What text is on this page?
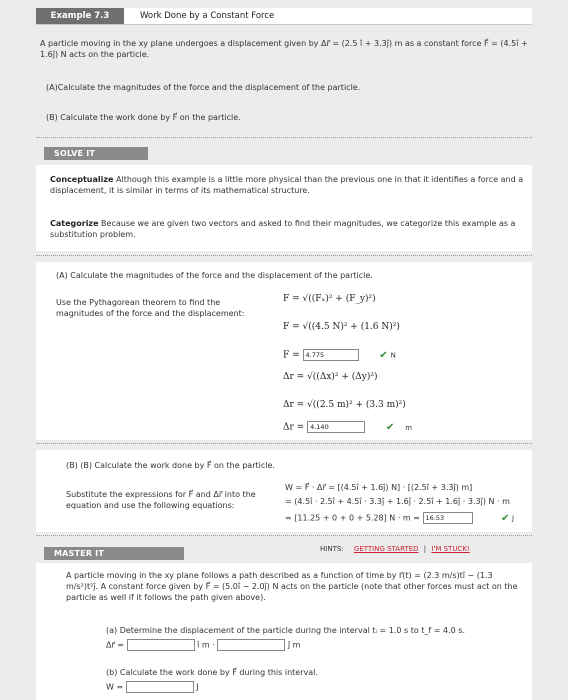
Example 7.3	Work Done by a Constant Force
A particle moving in the xy plane undergoes a displacement given by Δr⃗ = (2.5 î + 3.3ĵ) m as a constant force F⃗ = (4.5î + 1.6ĵ) N acts on the particle.
(A)Calculate the magnitudes of the force and the displacement of the particle.
(B) Calculate the work done by F⃗ on the particle.
SOLVE IT
Conceptualize Although this example is a little more physical than the previous one in that it identifies a force and a displacement, it is similar in terms of its mathematical structure.
Categorize Because we are given two vectors and asked to find their magnitudes, we categorize this example as a substitution problem.
(A) Calculate the magnitudes of the force and the displacement of the particle.
Use the Pythagorean theorem to find the magnitudes of the force and the displacement:
F = √((Fₓ)² + (F_y)²)
F = √((4.5 N)² + (1.6 N)²)
F = 4.775	✔ N
Δr = √((Δx)² + (Δy)²)
Δr = √((2.5 m)² + (3.3 m)²)
Δr = 4.140	✔ m
(B) (B) Calculate the work done by F⃗ on the particle.
Substitute the expressions for F⃗ and Δr⃗ into the equation and use the following equations:
W = F⃗ · Δr⃗ = [(4.5î + 1.6ĵ) N] · [(2.5î + 3.3ĵ) m]
= (4.5î · 2.5î + 4.5î · 3.3ĵ + 1.6ĵ · 2.5î + 1.6ĵ · 3.3ĵ) N · m
= [11.25 + 0 + 0 + 5.28] N · m = 16.53	✔ J
MASTER IT	HINTS: GETTING STARTED | I'M STUCK!
A particle moving in the xy plane follows a path described as a function of time by r⃗(t) = (2.3 m/s)tî − (1.3 m/s²)t²ĵ. A constant force given by F⃗ = (5.0î − 2.0ĵ) N acts on the particle (note that other forces must act on the particle as well if it follows the path given above).
(a) Determine the displacement of the particle during the interval tᵢ = 1.0 s to t_f = 4.0 s.
Δr⃗ =	î m ·	ĵ m
(b) Calculate the work done by F⃗ during this interval.
W =	J
